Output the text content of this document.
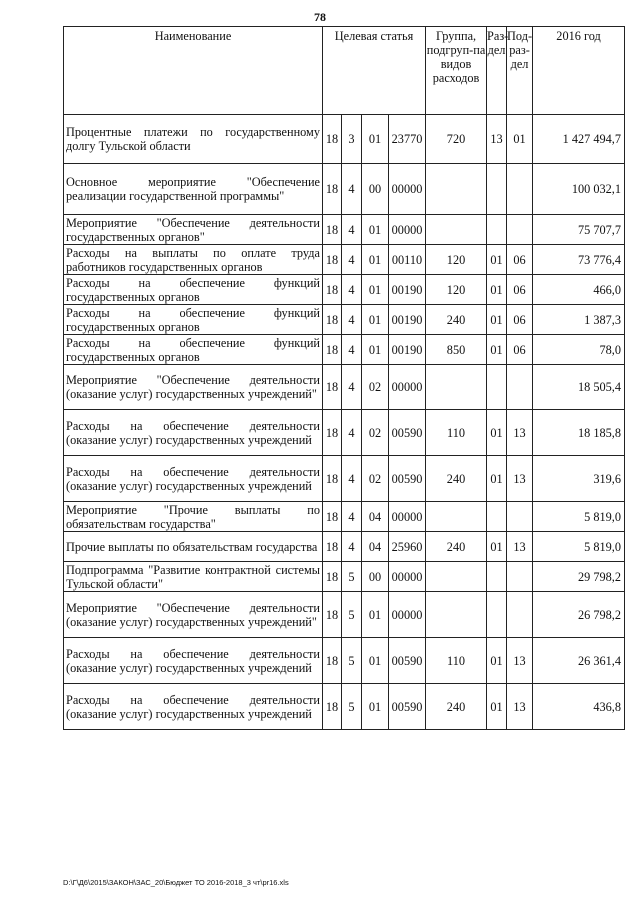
78
Наименование	Целевая статья				Группа, подгруп-па видов расходов	Раз-дел	Под-раз-дел	2016 год
Процентные платежи по государственному долгу Тульской области	18	3	01	23770	720	13	01	1 427 494,7
Основное мероприятие "Обеспечение реализации государственной программы"	18	4	00	00000				100 032,1
Мероприятие "Обеспечение деятельности государственных органов"	18	4	01	00000				75 707,7
Расходы на выплаты по оплате труда работников государственных органов	18	4	01	00110	120	01	06	73 776,4
Расходы на обеспечение функций государственных органов	18	4	01	00190	120	01	06	466,0
Расходы на обеспечение функций государственных органов	18	4	01	00190	240	01	06	1 387,3
Расходы на обеспечение функций государственных органов	18	4	01	00190	850	01	06	78,0
Мероприятие "Обеспечение деятельности (оказание услуг) государственных учреждений"	18	4	02	00000				18 505,4
Расходы на обеспечение деятельности (оказание услуг) государственных учреждений	18	4	02	00590	110	01	13	18 185,8
Расходы на обеспечение деятельности (оказание услуг) государственных учреждений	18	4	02	00590	240	01	13	319,6
Мероприятие "Прочие выплаты по обязательствам государства"	18	4	04	00000				5 819,0
Прочие выплаты по обязательствам государства	18	4	04	25960	240	01	13	5 819,0
Подпрограмма "Развитие контрактной системы Тульской области"	18	5	00	00000				29 798,2
Мероприятие "Обеспечение деятельности (оказание услуг) государственных учреждений"	18	5	01	00000				26 798,2
Расходы на обеспечение деятельности (оказание услуг) государственных учреждений	18	5	01	00590	110	01	13	26 361,4
Расходы на обеспечение деятельности (оказание услуг) государственных учреждений	18	5	01	00590	240	01	13	436,8
D:\Г\Д6\2015\ЗАКОН\ЗАС_20\Бюджет ТО 2016-2018_3 чт\pr16.xls
